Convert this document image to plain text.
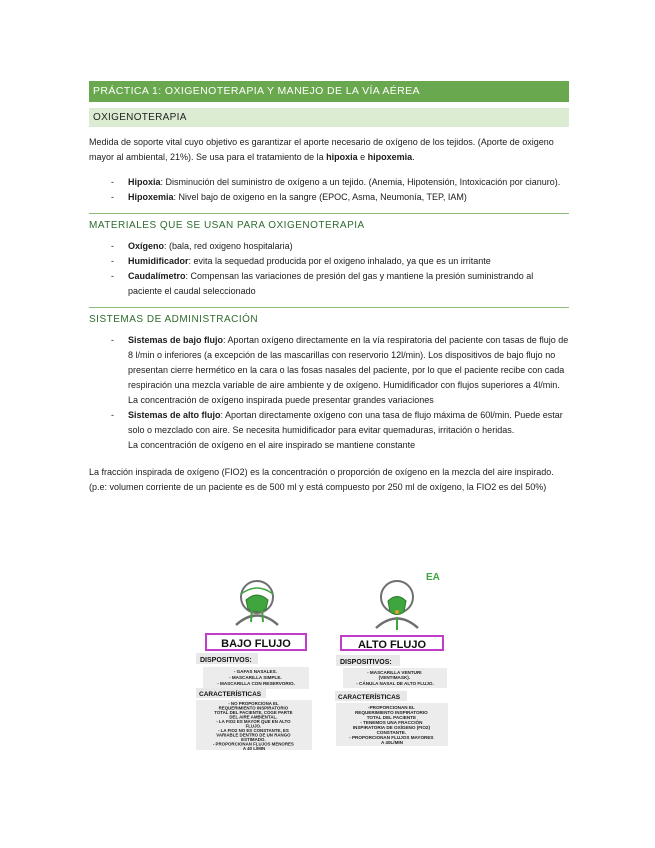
PRÁCTICA 1: OXIGENOTERAPIA Y MANEJO DE LA VÍA AÉREA
OXIGENOTERAPIA

Medida de soporte vital cuyo objetivo es garantizar el aporte necesario de oxígeno de los tejidos. (Aporte de oxigeno mayor al ambiental, 21%). Se usa para el tratamiento de la hipoxia e hipoxemia.

- Hipoxia: Disminución del suministro de oxígeno a un tejido. (Anemia, Hipotensión, Intoxicación por cianuro).
- Hipoxemia: Nivel bajo de oxigeno en la sangre (EPOC, Asma, Neumonía, TEP, IAM)
MATERIALES QUE SE USAN PARA OXIGENOTERAPIA
- Oxígeno: (bala, red oxigeno hospitalaria)
- Humidificador: evita la sequedad producida por el oxigeno inhalado, ya que es un irritante
- Caudalímetro: Compensan las variaciones de presión del gas y mantiene la presión suministrando al paciente el caudal seleccionado
SISTEMAS DE ADMINISTRACIÓN
- Sistemas de bajo flujo: Aportan oxígeno directamente en la vía respiratoria del paciente con tasas de flujo de 8 l/min o inferiores (a excepción de las mascarillas con reservorio 12l/min). Los dispositivos de bajo flujo no presentan cierre hermético en la cara o las fosas nasales del paciente, por lo que el paciente recibe con cada respiración una mezcla variable de aire ambiente y de oxígeno. Humidificador con flujos superiores a 4l/min.
La concentración de oxígeno inspirada puede presentar grandes variaciones
- Sistemas de alto flujo: Aportan directamente oxígeno con una tasa de flujo máxima de 60l/min. Puede estar solo o mezclado con aire. Se necesita humidificador para evitar quemaduras, irritación o heridas.
La concentración de oxígeno en el aire inspirado se mantiene constante

La fracción inspirada de oxígeno (FIO2) es la concentración o proporción de oxígeno en la mezcla del aire inspirado. (p.e: volumen corriente de un paciente es de 500 ml y está compuesto por 250 ml de oxígeno, la FIO2 es del 50%)

BAJO FLUJO
DISPOSITIVOS:
- GAFAS NASALES. - MASCARILLA SIMPLE. - MASCARILLA CON RESERVORIO.
CARACTERÍSTICAS
- NO PROPORCIONA EL REQUERIMIENTO INSPIRATORIO TOTAL DEL PACIENTE, COGE PARTE DEL AIRE AMBIENTAL. - LA FIO2 ES MAYOR QUE EN ALTO FLUJO. - LA FIO2 NO ES CONSTANTE, ES VARIABLE DENTRO DE UN RANGO ESTIMADO. - PROPORCIONAN FLUJOS MENORES A 40 L/MIN
EA
ALTO FLUJO
DISPOSITIVOS:
- MASCARILLA VENTURI (VENTIMASK). - CÁNULA NASAL DE ALTO FLUJO.
CARACTERÍSTICAS
-PROPORCIONAN EL REQUERIMIENTO INSPIRATORIO TOTAL DEL PACIENTE - TENEMOS UNA FRACCIÓN INSPIRATORIA DE OXÍGENO (FIO2) CONSTANTE. - PROPORCIONAN FLUJOS MAYORES A 40L/MIN
